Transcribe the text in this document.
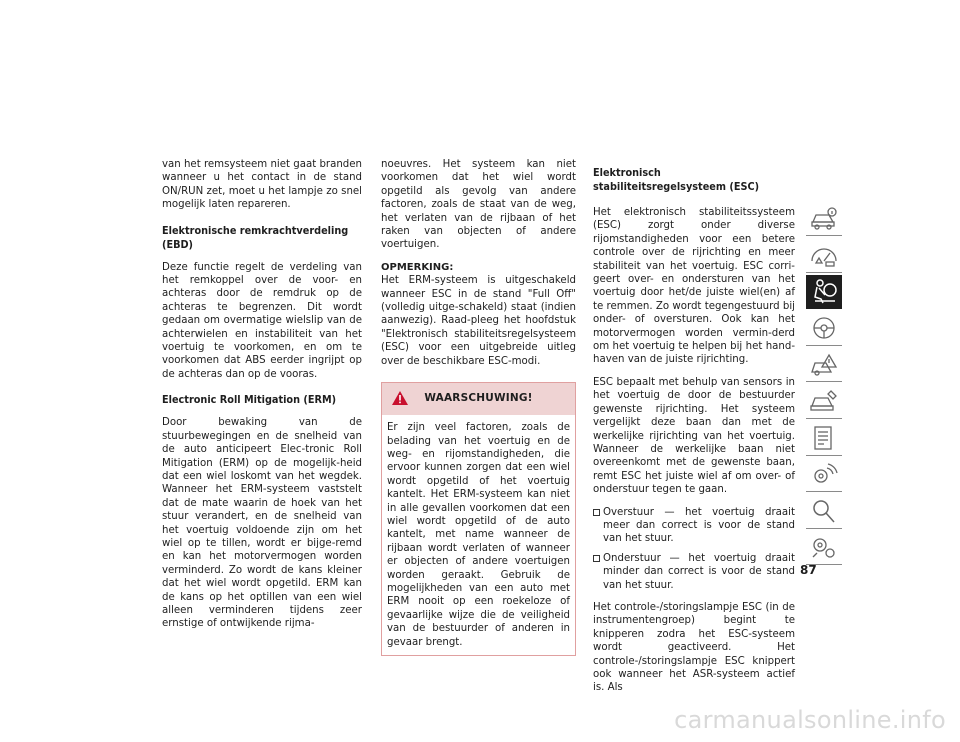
van het remsysteem niet gaat branden wanneer u het contact in de stand ON/RUN zet, moet u het lampje zo snel mogelijk laten repareren.

Elektronische remkrachtverdeling (EBD)

Deze functie regelt de verdeling van het remkoppel over de voor- en achteras door de remdruk op de achteras te begrenzen. Dit wordt gedaan om overmatige wielslip van de achterwielen en instabiliteit van het voertuig te voorkomen, en om te voorkomen dat ABS eerder ingrijpt op de achteras dan op de vooras.

Electronic Roll Mitigation (ERM)

Door bewaking van de stuurbewegingen en de snelheid van de auto anticipeert Elec-tronic Roll Mitigation (ERM) op de mogelijk-heid dat een wiel loskomt van het wegdek. Wanneer het ERM-systeem vaststelt dat de mate waarin de hoek van het stuur verandert, en de snelheid van het voertuig voldoende zijn om het wiel op te tillen, wordt er bijge-remd en kan het motorvermogen worden verminderd. Zo wordt de kans kleiner dat het wiel wordt opgetild. ERM kan de kans op het optillen van een wiel alleen verminderen tijdens zeer ernstige of ontwijkende rijma-

noeuvres. Het systeem kan niet voorkomen dat het wiel wordt opgetild als gevolg van andere factoren, zoals de staat van de weg, het verlaten van de rijbaan of het raken van objecten of andere voertuigen.

OPMERKING:

Het ERM-systeem is uitgeschakeld wanneer ESC in de stand "Full Off" (volledig uitge-schakeld) staat (indien aanwezig). Raad-pleeg het hoofdstuk "Elektronisch stabiliteitsregelsysteem (ESC) voor een uitgebreide uitleg over de beschikbare ESC-modi.

WAARSCHUWING!

Er zijn veel factoren, zoals de belading van het voertuig en de weg- en rijomstandigheden, die ervoor kunnen zorgen dat een wiel wordt opgetild of het voertuig kantelt. Het ERM-systeem kan niet in alle gevallen voorkomen dat een wiel wordt opgetild of de auto kantelt, met name wanneer de rijbaan wordt verlaten of wanneer er objecten of andere voertuigen worden geraakt. Gebruik de mogelijkheden van een auto met ERM nooit op een roekeloze of gevaarlijke wijze die de veiligheid van de bestuurder of anderen in gevaar brengt.

Elektronisch stabiliteitsregelsysteem (ESC)

Het elektronisch stabiliteitssysteem (ESC) zorgt onder diverse rijomstandigheden voor een betere controle over de rijrichting en meer stabiliteit van het voertuig. ESC corri-geert over- en ondersturen van het voertuig door het/de juiste wiel(en) af te remmen. Zo wordt tegengestuurd bij onder- of oversturen. Ook kan het motorvermogen worden vermin-derd om het voertuig te helpen bij het hand-haven van de juiste rijrichting.

ESC bepaalt met behulp van sensors in het voertuig de door de bestuurder gewenste rijrichting. Het systeem vergelijkt deze baan dan met de werkelijke rijrichting van het voertuig. Wanneer de werkelijke baan niet overeenkomt met de gewenste baan, remt ESC het juiste wiel af om over- of onderstuur tegen te gaan.

Overstuur — het voertuig draait meer dan correct is voor de stand van het stuur.
Onderstuur — het voertuig draait minder dan correct is voor de stand van het stuur.

Het controle-/storingslampje ESC (in de instrumentengroep) begint te knipperen zodra het ESC-systeem wordt geactiveerd. Het controle-/storingslampje ESC knippert ook wanneer het ASR-systeem actief is. Als

87
carmanualsonline.info
